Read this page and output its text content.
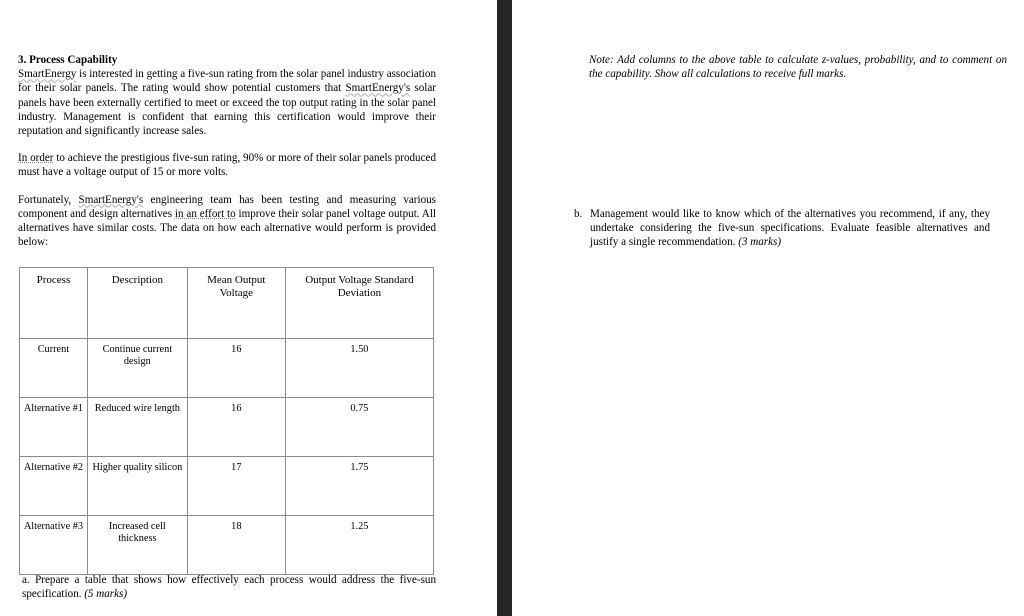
3. Process Capability

SmartEnergy is interested in getting a five-sun rating from the solar panel industry association for their solar panels. The rating would show potential customers that SmartEnergy's solar panels have been externally certified to meet or exceed the top output rating in the solar panel industry. Management is confident that earning this certification would improve their reputation and significantly increase sales.

In order to achieve the prestigious five-sun rating, 90% or more of their solar panels produced must have a voltage output of 15 or more volts.

Fortunately, SmartEnergy's engineering team has been testing and measuring various component and design alternatives in an effort to improve their solar panel voltage output. All alternatives have similar costs. The data on how each alternative would perform is provided below:

Process	Description	Mean Output Voltage	Output Voltage Standard Deviation
Current	Continue current design	16	1.50
Alternative #1	Reduced wire length	16	0.75
Alternative #2	Higher quality silicon	17	1.75
Alternative #3	Increased cell thickness	18	1.25

a. Prepare a table that shows how effectively each process would address the five-sun specification. (5 marks)

Note: Add columns to the above table to calculate z-values, probability, and to comment on the capability. Show all calculations to receive full marks.

b. Management would like to know which of the alternatives you recommend, if any, they undertake considering the five-sun specifications. Evaluate feasible alternatives and justify a single recommendation. (3 marks)
